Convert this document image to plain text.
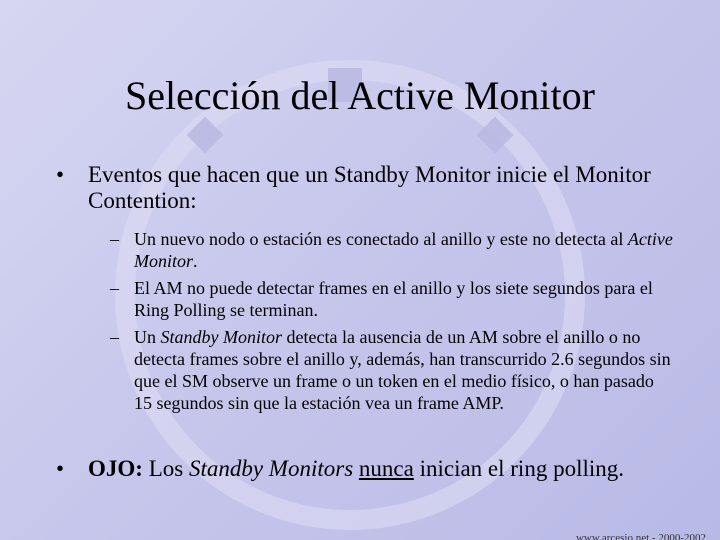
Selección del Active Monitor
• Eventos que hacen que un Standby Monitor inicie el Monitor Contention:
– Un nuevo nodo o estación es conectado al anillo y este no detecta al Active Monitor.
– El AM no puede detectar frames en el anillo y los siete segundos para el Ring Polling se terminan.
– Un Standby Monitor detecta la ausencia de un AM sobre el anillo o no detecta frames sobre el anillo y, además, han transcurrido 2.6 segundos sin que el SM observe un frame o un token en el medio físico, o han pasado 15 segundos sin que la estación vea un frame AMP.
• OJO: Los Standby Monitors nunca inician el ring polling.
www.arcesio.net - 2000-2002
